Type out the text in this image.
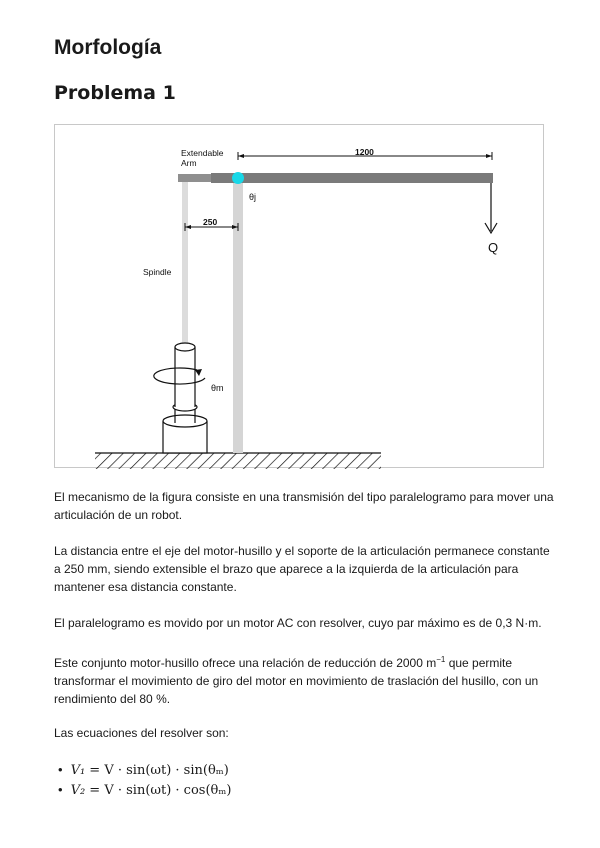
Morfología
Problema 1
θm
θj
Extendable
Arm
1200
250
Q
Spindle

El mecanismo de la figura consiste en una transmisión del tipo paralelogramo para mover una articulación de un robot.

La distancia entre el eje del motor-husillo y el soporte de la articulación permanece constante a 250 mm, siendo extensible el brazo que aparece a la izquierda de la articulación para mantener esa distancia constante.

El paralelogramo es movido por un motor AC con resolver, cuyo par máximo es de 0,3 N·m.

Este conjunto motor-husillo ofrece una relación de reducción de 2000 $m^{-1}$ que permite transformar el movimiento de giro del motor en movimiento de traslación del husillo, con un rendimiento del 80 %.

Las ecuaciones del resolver son:

• V₁ = V · sin(ωt) · sin(θₘ)
• V₂ = V · sin(ωt) · cos(θₘ)
